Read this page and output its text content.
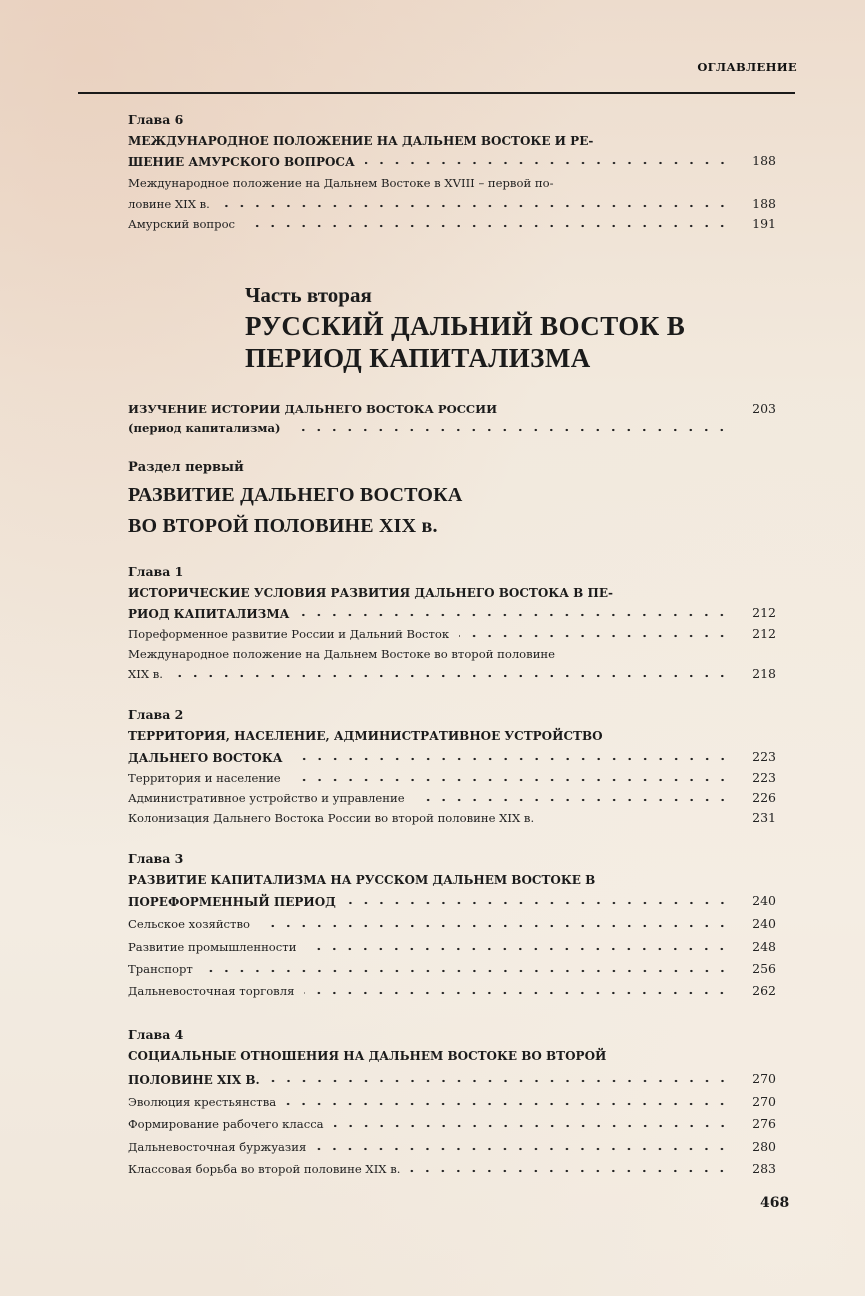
ОГЛАВЛЕНИЕ
Глава 6
МЕЖДУНАРОДНОЕ ПОЛОЖЕНИЕ НА ДАЛЬНЕМ ВОСТОКЕ И РЕ-
ШЕНИЕ АМУРСКОГО ВОПРОСА	188
Международное положение на Дальнем Востоке в XVIII – первой по-
ловине XIX в.	188
Амурский вопрос	191
Часть вторая
РУССКИЙ ДАЛЬНИЙ ВОСТОК В
ПЕРИОД КАПИТАЛИЗМА
ИЗУЧЕНИЕ ИСТОРИИ ДАЛЬНЕГО ВОСТОКА РОССИИ	203
(период капитализма)
Раздел первый
РАЗВИТИЕ ДАЛЬНЕГО ВОСТОКА
ВО ВТОРОЙ ПОЛОВИНЕ XIX в.
Глава 1
ИСТОРИЧЕСКИЕ УСЛОВИЯ РАЗВИТИЯ ДАЛЬНЕГО ВОСТОКА В ПЕ-
РИОД КАПИТАЛИЗМА	212
Пореформенное развитие России и Дальний Восток	212
Международное положение на Дальнем Востоке во второй половине
XIX в.	218
Глава 2
ТЕРРИТОРИЯ, НАСЕЛЕНИЕ, АДМИНИСТРАТИВНОЕ УСТРОЙСТВО
ДАЛЬНЕГО ВОСТОКА	223
Территория и население	223
Административное устройство и управление	226
Колонизация Дальнего Востока России во второй половине XIX в.	231
Глава 3
РАЗВИТИЕ КАПИТАЛИЗМА НА РУССКОМ ДАЛЬНЕМ ВОСТОКЕ В
ПОРЕФОРМЕННЫЙ ПЕРИОД	240
Сельское хозяйство	240
Развитие промышленности	248
Транспорт	256
Дальневосточная торговля	262
Глава 4
СОЦИАЛЬНЫЕ ОТНОШЕНИЯ НА ДАЛЬНЕМ ВОСТОКЕ ВО ВТОРОЙ
ПОЛОВИНЕ XIX В.	270
Эволюция крестьянства	270
Формирование рабочего класса	276
Дальневосточная буржуазия	280
Классовая борьба во второй половине XIX в.	283
468
